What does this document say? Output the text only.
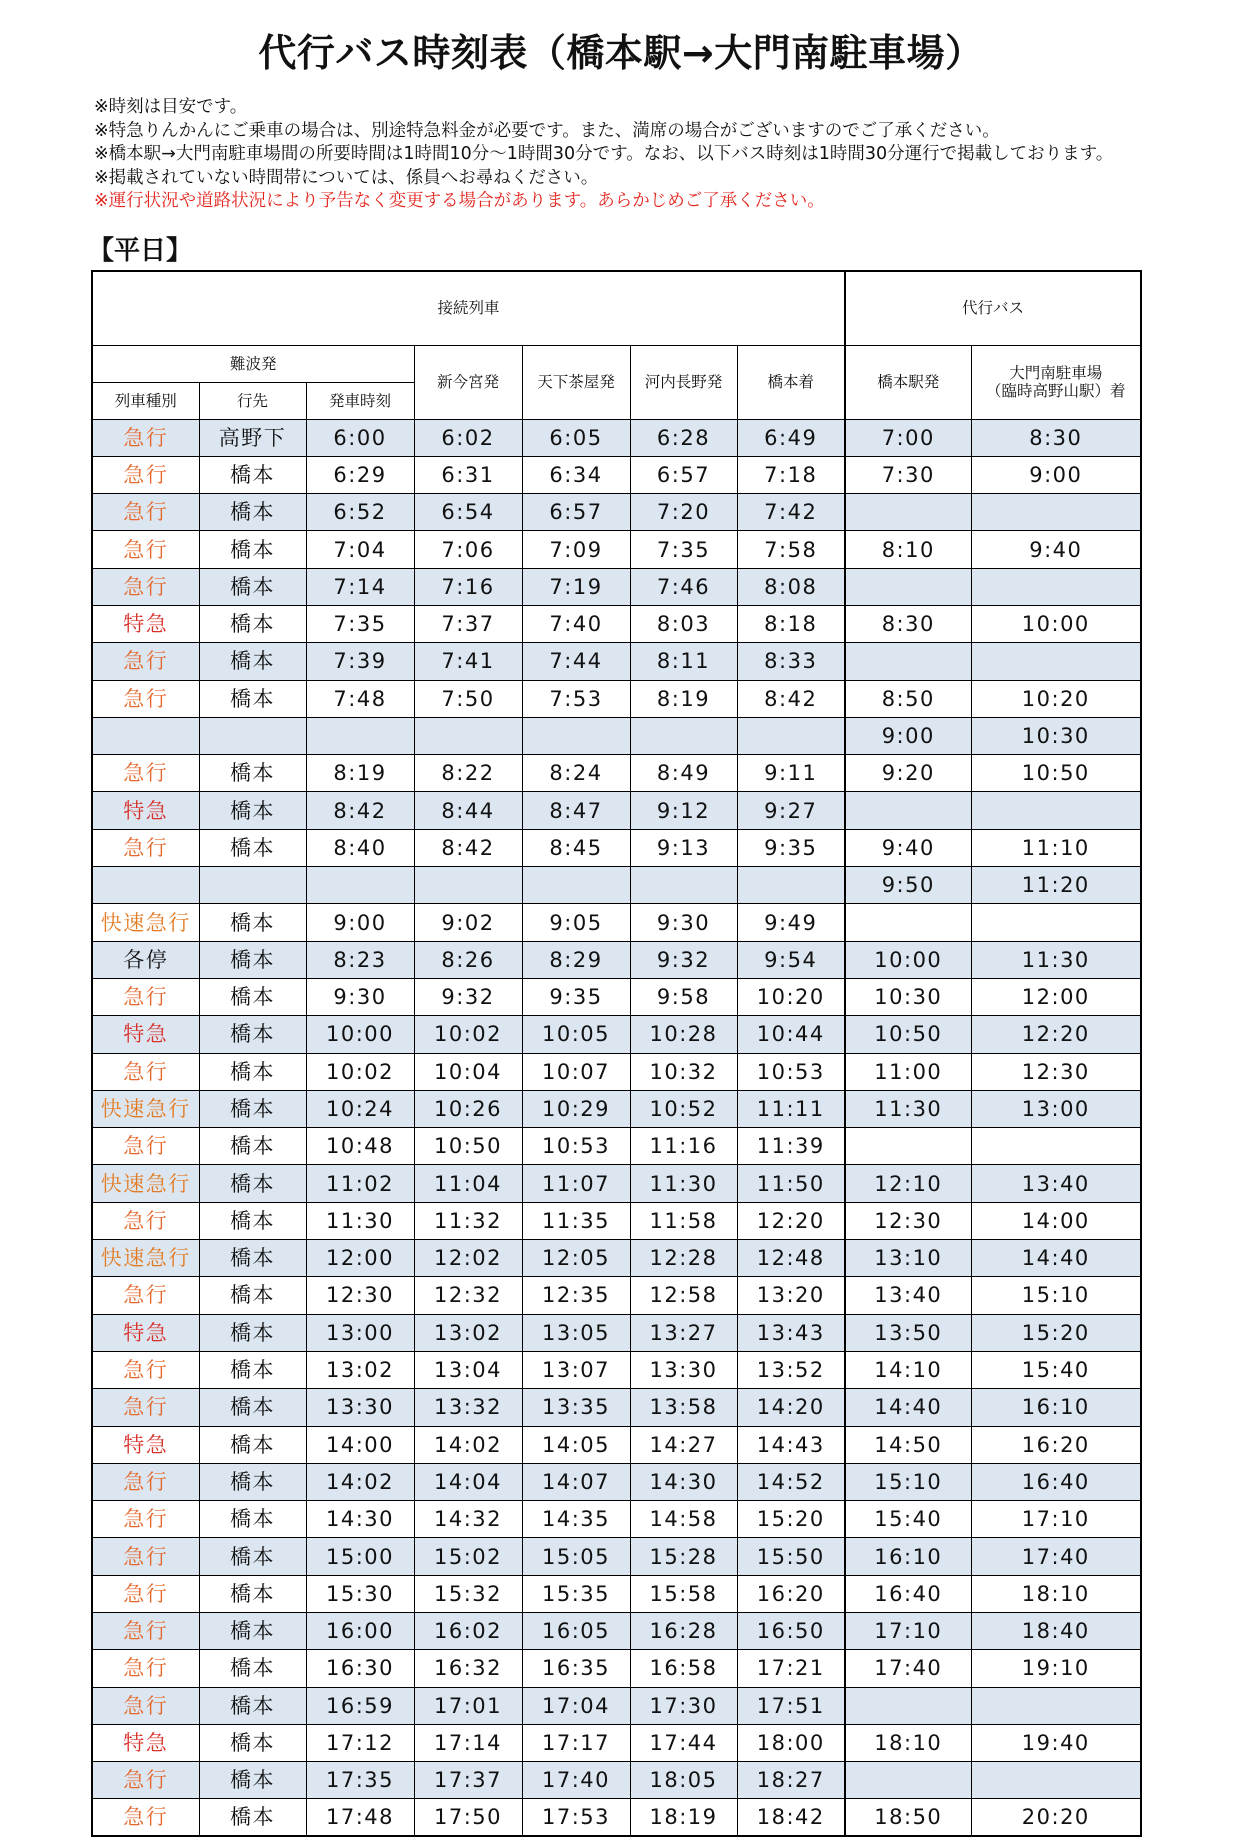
代行バス時刻表（橋本駅→大門南駐車場）
※時刻は目安です。
※特急りんかんにご乗車の場合は、別途特急料金が必要です。また、満席の場合がございますのでご了承ください。
※橋本駅→大門南駐車場間の所要時間は1時間10分～1時間30分です。なお、以下バス時刻は1時間30分運行で掲載しております。
※掲載されていない時間帯については、係員へお尋ねください。
※運行状況や道路状況により予告なく変更する場合があります。あらかじめご了承ください。
【平日】
接続列車							代行バス	
難波発			新今宮発	天下茶屋発	河内長野発	橋本着	橋本駅発	大門南駐車場
（臨時高野山駅）着
列車種別	行先	発車時刻						
急行	高野下	6:00	6:02	6:05	6:28	6:49	7:00	8:30
急行	橋本	6:29	6:31	6:34	6:57	7:18	7:30	9:00
急行	橋本	6:52	6:54	6:57	7:20	7:42		
急行	橋本	7:04	7:06	7:09	7:35	7:58	8:10	9:40
急行	橋本	7:14	7:16	7:19	7:46	8:08		
特急	橋本	7:35	7:37	7:40	8:03	8:18	8:30	10:00
急行	橋本	7:39	7:41	7:44	8:11	8:33		
急行	橋本	7:48	7:50	7:53	8:19	8:42	8:50	10:20
							9:00	10:30
急行	橋本	8:19	8:22	8:24	8:49	9:11	9:20	10:50
特急	橋本	8:42	8:44	8:47	9:12	9:27		
急行	橋本	8:40	8:42	8:45	9:13	9:35	9:40	11:10
							9:50	11:20
快速急行	橋本	9:00	9:02	9:05	9:30	9:49		
各停	橋本	8:23	8:26	8:29	9:32	9:54	10:00	11:30
急行	橋本	9:30	9:32	9:35	9:58	10:20	10:30	12:00
特急	橋本	10:00	10:02	10:05	10:28	10:44	10:50	12:20
急行	橋本	10:02	10:04	10:07	10:32	10:53	11:00	12:30
快速急行	橋本	10:24	10:26	10:29	10:52	11:11	11:30	13:00
急行	橋本	10:48	10:50	10:53	11:16	11:39		
快速急行	橋本	11:02	11:04	11:07	11:30	11:50	12:10	13:40
急行	橋本	11:30	11:32	11:35	11:58	12:20	12:30	14:00
快速急行	橋本	12:00	12:02	12:05	12:28	12:48	13:10	14:40
急行	橋本	12:30	12:32	12:35	12:58	13:20	13:40	15:10
特急	橋本	13:00	13:02	13:05	13:27	13:43	13:50	15:20
急行	橋本	13:02	13:04	13:07	13:30	13:52	14:10	15:40
急行	橋本	13:30	13:32	13:35	13:58	14:20	14:40	16:10
特急	橋本	14:00	14:02	14:05	14:27	14:43	14:50	16:20
急行	橋本	14:02	14:04	14:07	14:30	14:52	15:10	16:40
急行	橋本	14:30	14:32	14:35	14:58	15:20	15:40	17:10
急行	橋本	15:00	15:02	15:05	15:28	15:50	16:10	17:40
急行	橋本	15:30	15:32	15:35	15:58	16:20	16:40	18:10
急行	橋本	16:00	16:02	16:05	16:28	16:50	17:10	18:40
急行	橋本	16:30	16:32	16:35	16:58	17:21	17:40	19:10
急行	橋本	16:59	17:01	17:04	17:30	17:51		
特急	橋本	17:12	17:14	17:17	17:44	18:00	18:10	19:40
急行	橋本	17:35	17:37	17:40	18:05	18:27		
急行	橋本	17:48	17:50	17:53	18:19	18:42	18:50	20:20
